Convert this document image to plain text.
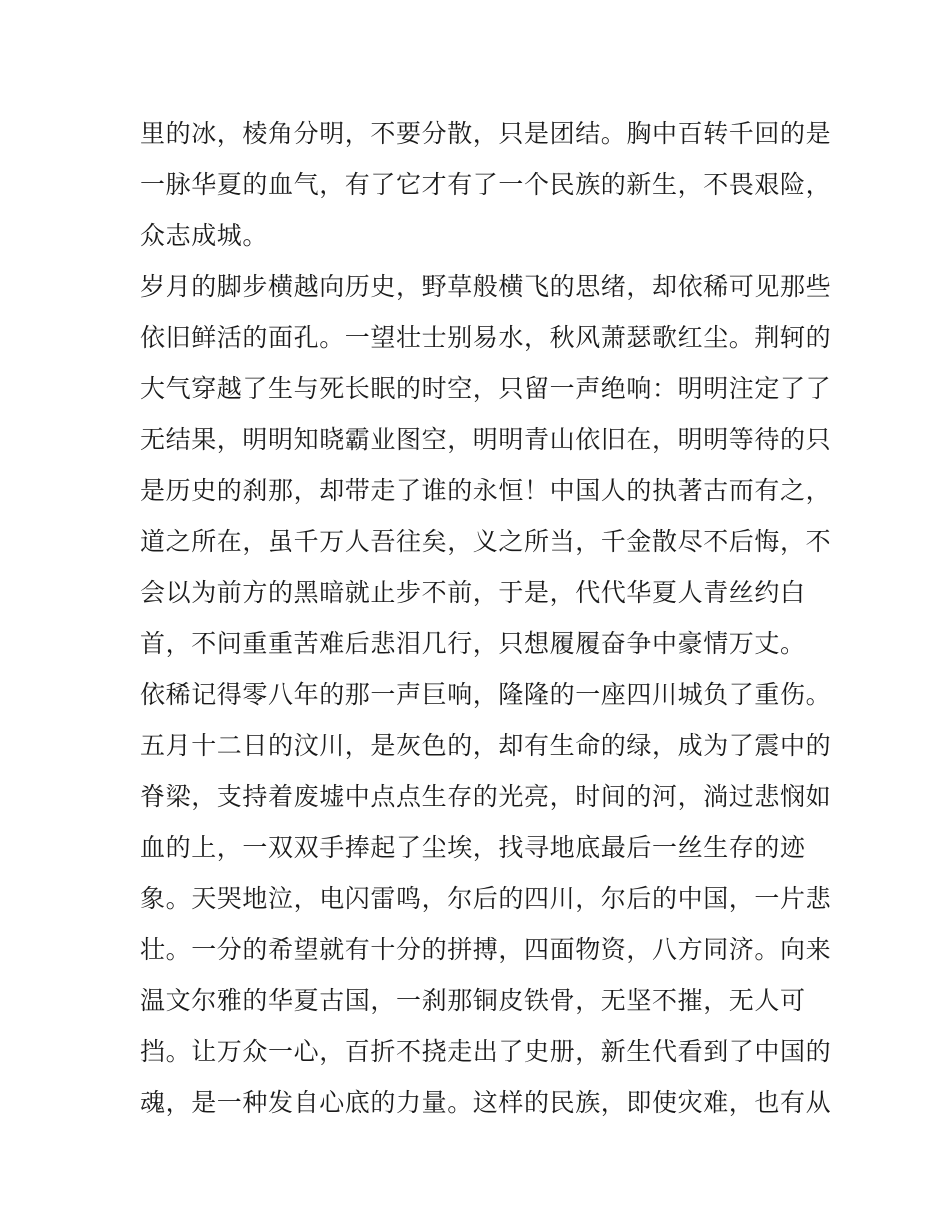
里的冰，棱角分明，不要分散，只是团结。胸中百转千回的是
一脉华夏的血气，有了它才有了一个民族的新生，不畏艰险，
众志成城。
岁月的脚步横越向历史，野草般横飞的思绪，却依稀可见那些
依旧鲜活的面孔。一望壮士别易水，秋风萧瑟歌红尘。荆轲的
大气穿越了生与死长眠的时空，只留一声绝响：明明注定了了
无结果，明明知晓霸业图空，明明青山依旧在，明明等待的只
是历史的刹那，却带走了谁的永恒！中国人的执著古而有之，
道之所在，虽千万人吾往矣，义之所当，千金散尽不后悔，不
会以为前方的黑暗就止步不前，于是，代代华夏人青丝约白
首，不问重重苦难后悲泪几行，只想履履奋争中豪情万丈。
依稀记得零八年的那一声巨响，隆隆的一座四川城负了重伤。
五月十二日的汶川，是灰色的，却有生命的绿，成为了震中的
脊梁，支持着废墟中点点生存的光亮，时间的河，淌过悲悯如
血的上，一双双手捧起了尘埃，找寻地底最后一丝生存的迹
象。天哭地泣，电闪雷鸣，尔后的四川，尔后的中国，一片悲
壮。一分的希望就有十分的拼搏，四面物资，八方同济。向来
温文尔雅的华夏古国，一刹那铜皮铁骨，无坚不摧，无人可
挡。让万众一心，百折不挠走出了史册，新生代看到了中国的
魂，是一种发自心底的力量。这样的民族，即使灾难，也有从
